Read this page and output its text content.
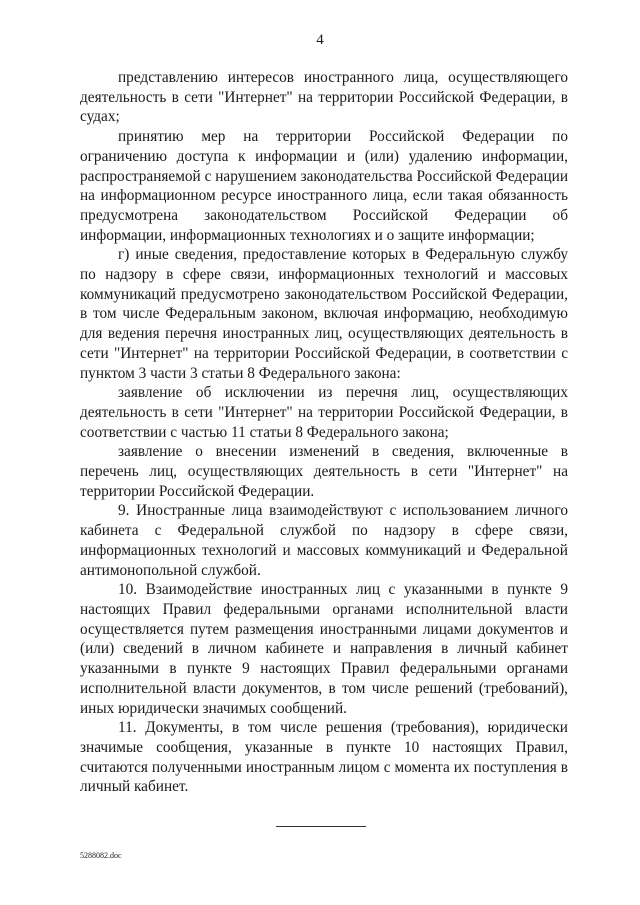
4

представлению интересов иностранного лица, осуществляющего деятельность в сети "Интернет" на территории Российской Федерации, в судах;

принятию мер на территории Российской Федерации по ограничению доступа к информации и (или) удалению информации, распространяемой с нарушением законодательства Российской Федерации на информационном ресурсе иностранного лица, если такая обязанность предусмотрена законодательством Российской Федерации об информации, информационных технологиях и о защите информации;

г) иные сведения, предоставление которых в Федеральную службу по надзору в сфере связи, информационных технологий и массовых коммуникаций предусмотрено законодательством Российской Федерации, в том числе Федеральным законом, включая информацию, необходимую для ведения перечня иностранных лиц, осуществляющих деятельность в сети "Интернет" на территории Российской Федерации, в соответствии с пунктом 3 части 3 статьи 8 Федерального закона:

заявление об исключении из перечня лиц, осуществляющих деятельность в сети "Интернет" на территории Российской Федерации, в соответствии с частью 11 статьи 8 Федерального закона;

заявление о внесении изменений в сведения, включенные в перечень лиц, осуществляющих деятельность в сети "Интернет" на территории Российской Федерации.

9. Иностранные лица взаимодействуют с использованием личного кабинета с Федеральной службой по надзору в сфере связи, информационных технологий и массовых коммуникаций и Федеральной антимонопольной службой.

10. Взаимодействие иностранных лиц с указанными в пункте 9 настоящих Правил федеральными органами исполнительной власти осуществляется путем размещения иностранными лицами документов и (или) сведений в личном кабинете и направления в личный кабинет указанными в пункте 9 настоящих Правил федеральными органами исполнительной власти документов, в том числе решений (требований), иных юридически значимых сообщений.

11. Документы, в том числе решения (требования), юридически значимые сообщения, указанные в пункте 10 настоящих Правил, считаются полученными иностранным лицом с момента их поступления в личный кабинет.

5288082.doc
